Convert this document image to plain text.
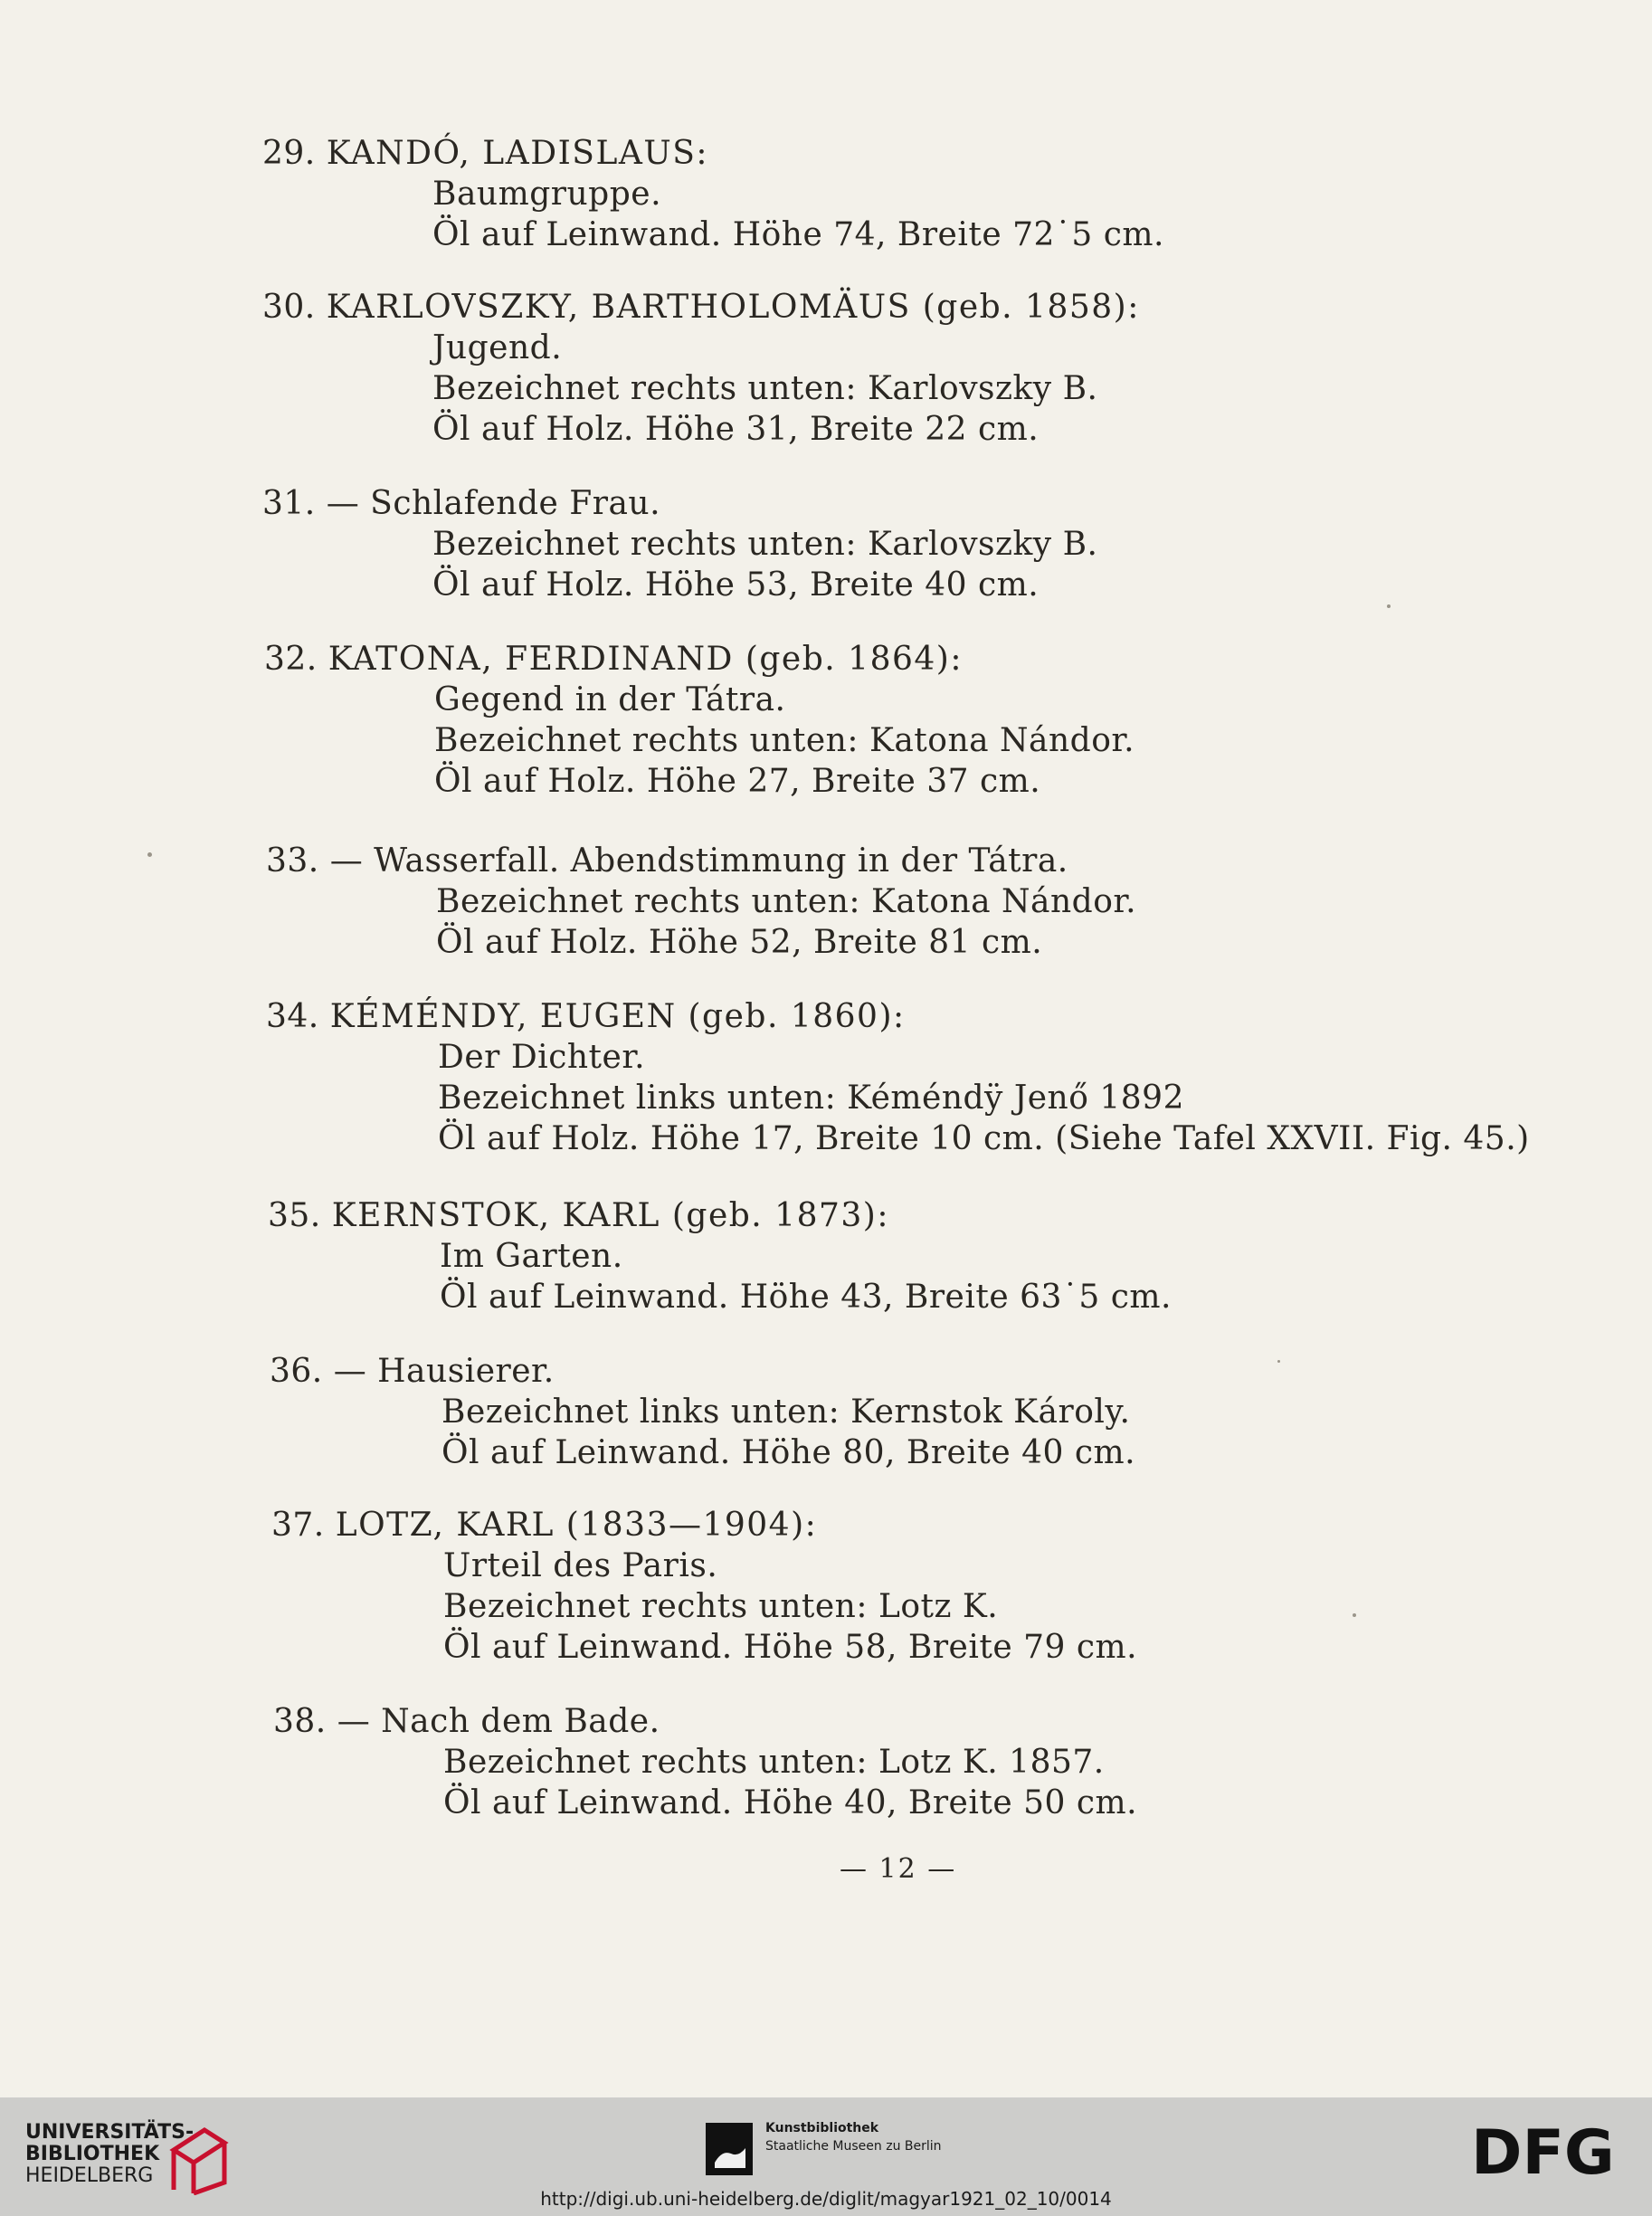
29. KANDÓ, LADISLAUS:
Baumgruppe.
Öl auf Leinwand. Höhe 74, Breite 72˙5 cm.
30. KARLOVSZKY, BARTHOLOMÄUS (geb. 1858):
Jugend.
Bezeichnet rechts unten: Karlovszky B.
Öl auf Holz. Höhe 31, Breite 22 cm.
31. — Schlafende Frau.
Bezeichnet rechts unten: Karlovszky B.
Öl auf Holz. Höhe 53, Breite 40 cm.
32. KATONA, FERDINAND (geb. 1864):
Gegend in der Tátra.
Bezeichnet rechts unten: Katona Nándor.
Öl auf Holz. Höhe 27, Breite 37 cm.
33. — Wasserfall. Abendstimmung in der Tátra.
Bezeichnet rechts unten: Katona Nándor.
Öl auf Holz. Höhe 52, Breite 81 cm.
34. KÉMÉNDY, EUGEN (geb. 1860):
Der Dichter.
Bezeichnet links unten: Kéméndÿ Jenő 1892
Öl auf Holz. Höhe 17, Breite 10 cm. (Siehe Tafel XXVII. Fig. 45.)
35. KERNSTOK, KARL (geb. 1873):
Im Garten.
Öl auf Leinwand. Höhe 43, Breite 63˙5 cm.
36. — Hausierer.
Bezeichnet links unten: Kernstok Károly.
Öl auf Leinwand. Höhe 80, Breite 40 cm.
37. LOTZ, KARL (1833—1904):
Urteil des Paris.
Bezeichnet rechts unten: Lotz K.
Öl auf Leinwand. Höhe 58, Breite 79 cm.
38. — Nach dem Bade.
Bezeichnet rechts unten: Lotz K. 1857.
Öl auf Leinwand. Höhe 40, Breite 50 cm.
— 12 —
UNIVERSITÄTS-
BIBLIOTHEK
HEIDELBERG
Kunstbibliothek
Staatliche Museen zu Berlin	DFG
http://digi.ub.uni-heidelberg.de/diglit/magyar1921_02_10/0014
